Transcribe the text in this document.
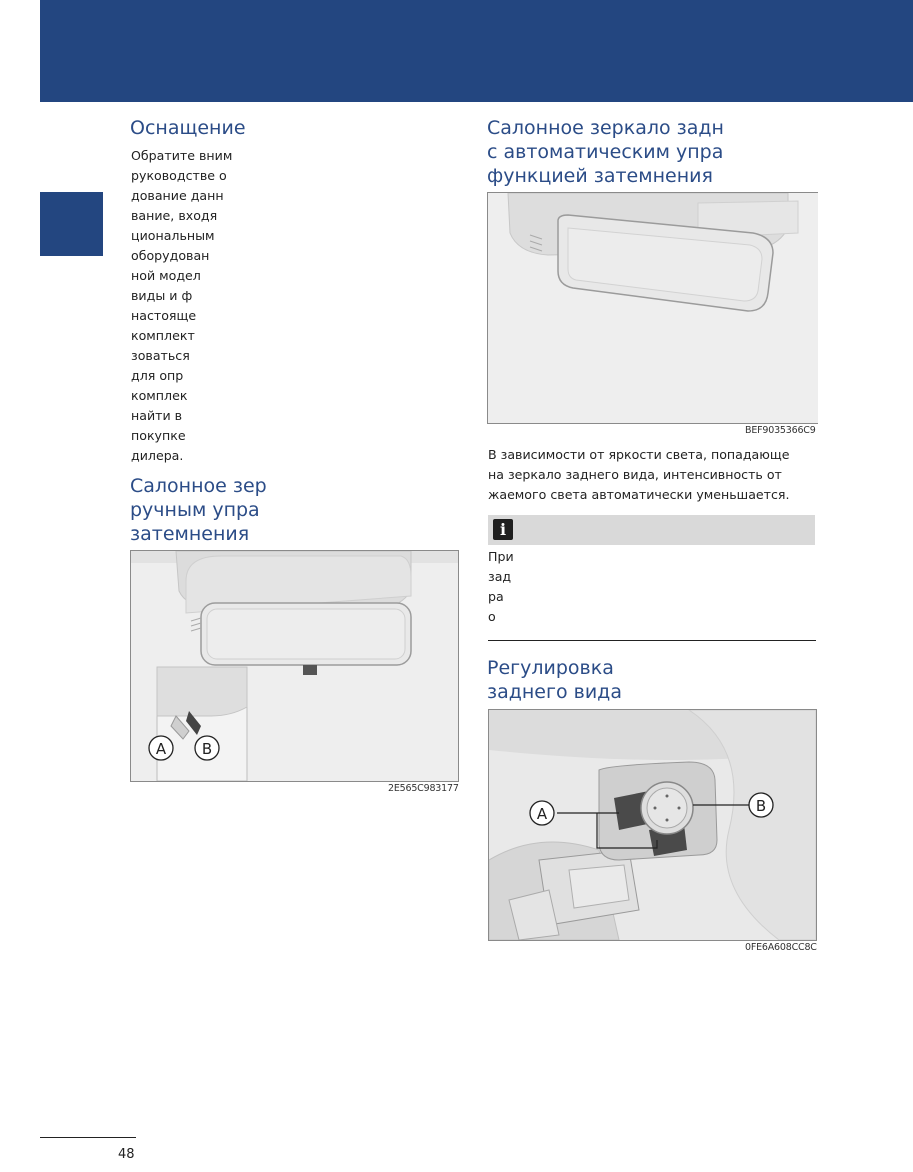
Оснащение
Обратите вним
руководстве о
дование данн
вание, входя
циональным
оборудован
ной модел
виды и ф
настояще
комплект
зоваться
для опр
комплек
найти в
покупке
дилера.
Салонное зер
ручным упра
затемнения
A B
2E565C983177
Салонное зеркало задн
с автоматическим упра
функцией затемнения
BEF9035366C9
В зависимости от яркости света, попадающе
на зеркало заднего вида, интенсивность от
жаемого света автоматически уменьшается.
i
При
зад
ра
о
Регулировка
заднего вида
A	B
0FE6A608CC8C
48
